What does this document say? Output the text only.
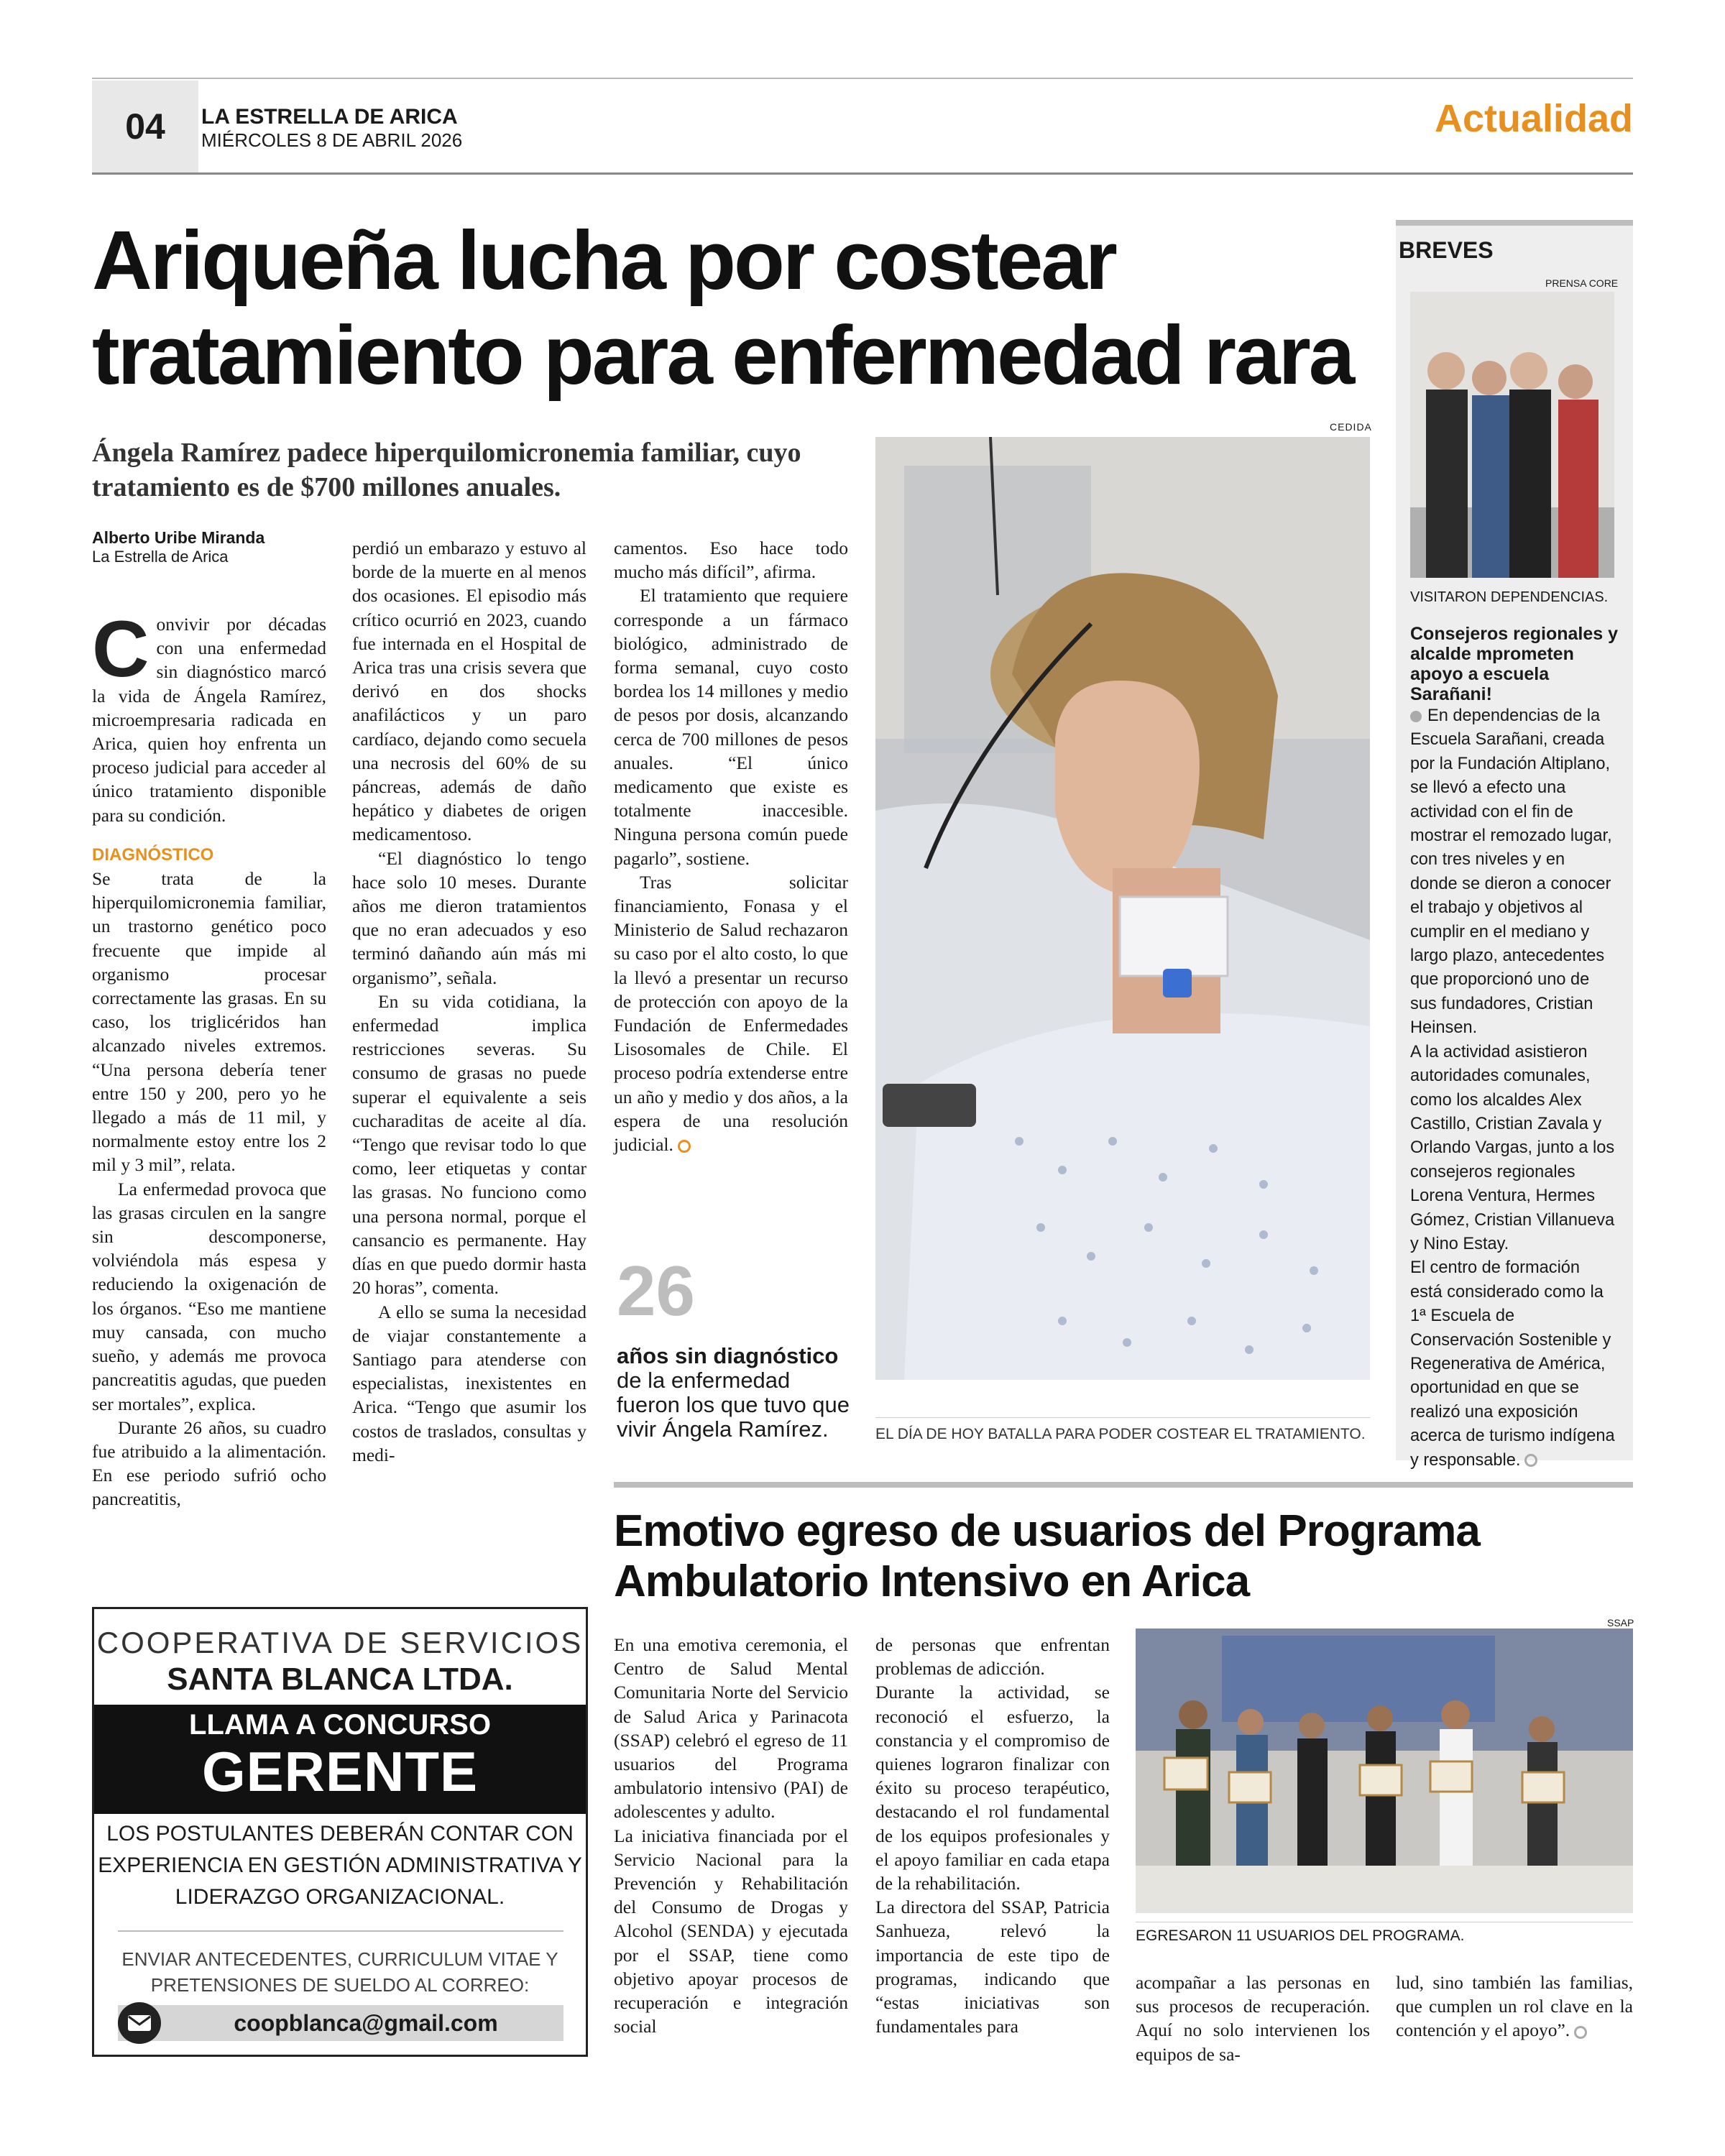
04	LA ESTRELLA DE ARICA
MIÉRCOLES 8 DE ABRIL 2026	Actualidad
Ariqueña lucha por costear
tratamiento para enfermedad rara
Ángela Ramírez padece hiperquilomicronemia familiar, cuyo tratamiento es de $700 millones anuales.
Alberto Uribe Miranda
La Estrella de Arica

Convivir por décadas con una enfermedad sin diagnóstico marcó la vida de Ángela Ramírez, microempresaria radicada en Arica, quien hoy enfrenta un proceso judicial para acceder al único tratamiento disponible para su condición.

DIAGNÓSTICO

Se trata de la hiperquilomicronemia familiar, un trastorno genético poco frecuente que impide al organismo procesar correctamente las grasas. En su caso, los triglicéridos han alcanzado niveles extremos. “Una persona debería tener entre 150 y 200, pero yo he llegado a más de 11 mil, y normalmente estoy entre los 2 mil y 3 mil”, relata.

La enfermedad provoca que las grasas circulen en la sangre sin descomponerse, volviéndola más espesa y reduciendo la oxigenación de los órganos. “Eso me mantiene muy cansada, con mucho sueño, y además me provoca pancreatitis agudas, que pueden ser mortales”, explica.

Durante 26 años, su cuadro fue atribuido a la alimentación. En ese periodo sufrió ocho pancreatitis,

perdió un embarazo y estuvo al borde de la muerte en al menos dos ocasiones. El episodio más crítico ocurrió en 2023, cuando fue internada en el Hospital de Arica tras una crisis severa que derivó en dos shocks anafilácticos y un paro cardíaco, dejando como secuela una necrosis del 60% de su páncreas, además de daño hepático y diabetes de origen medicamentoso.

“El diagnóstico lo tengo hace solo 10 meses. Durante años me dieron tratamientos que no eran adecuados y eso terminó dañando aún más mi organismo”, señala.

En su vida cotidiana, la enfermedad implica restricciones severas. Su consumo de grasas no puede superar el equivalente a seis cucharaditas de aceite al día. “Tengo que revisar todo lo que como, leer etiquetas y contar las grasas. No funciono como una persona normal, porque el cansancio es permanente. Hay días en que puedo dormir hasta 20 horas”, comenta.

A ello se suma la necesidad de viajar constantemente a Santiago para atenderse con especialistas, inexistentes en Arica. “Tengo que asumir los costos de traslados, consultas y medi-

camentos. Eso hace todo mucho más difícil”, afirma.

El tratamiento que requiere corresponde a un fármaco biológico, administrado de forma semanal, cuyo costo bordea los 14 millones y medio de pesos por dosis, alcanzando cerca de 700 millones de pesos anuales. “El único medicamento que existe es totalmente inaccesible. Ninguna persona común puede pagarlo”, sostiene.

Tras solicitar financiamiento, Fonasa y el Ministerio de Salud rechazaron su caso por el alto costo, lo que la llevó a presentar un recurso de protección con apoyo de la Fundación de Enfermedades Lisosomales de Chile. El proceso podría extenderse entre un año y medio y dos años, a la espera de una resolución judicial.

26
años sin diagnóstico de la enfermedad fueron los que tuvo que vivir Ángela Ramírez.
CEDIDA
EL DÍA DE HOY BATALLA PARA PODER COSTEAR EL TRATAMIENTO.
BREVES
PRENSA CORE
VISITARON DEPENDENCIAS.
Consejeros regionales y alcalde mprometen apoyo a escuela Sarañani!
En dependencias de la Escuela Sarañani, creada por la Fundación Altiplano, se llevó a efecto una actividad con el fin de mostrar el remozado lugar, con tres niveles y en donde se dieron a conocer el trabajo y objetivos al cumplir en el mediano y largo plazo, antecedentes que proporcionó uno de sus fundadores, Cristian Heinsen.
A la actividad asistieron autoridades comunales, como los alcaldes Alex Castillo, Cristian Zavala y Orlando Vargas, junto a los consejeros regionales Lorena Ventura, Hermes Gómez, Cristian Villanueva y Nino Estay.
El centro de formación está considerado como la 1ª Escuela de Conservación Sostenible y Regenerativa de América, oportunidad en que se realizó una exposición acerca de turismo indígena y responsable.
Emotivo egreso de usuarios del Programa
Ambulatorio Intensivo en Arica
En una emotiva ceremonia, el Centro de Salud Mental Comunitaria Norte del Servicio de Salud Arica y Parinacota (SSAP) celebró el egreso de 11 usuarios del Programa ambulatorio intensivo (PAI) de adolescentes y adulto.
La iniciativa financiada por el Servicio Nacional para la Prevención y Rehabilitación del Consumo de Drogas y Alcohol (SENDA) y ejecutada por el SSAP, tiene como objetivo apoyar procesos de recuperación e integración social
de personas que enfrentan problemas de adicción.
Durante la actividad, se reconoció el esfuerzo, la constancia y el compromiso de quienes lograron finalizar con éxito su proceso terapéutico, destacando el rol fundamental de los equipos profesionales y el apoyo familiar en cada etapa de la rehabilitación.
La directora del SSAP, Patricia Sanhueza, relevó la importancia de este tipo de programas, indicando que “estas iniciativas son fundamentales para
SSAP
EGRESARON 11 USUARIOS DEL PROGRAMA.
acompañar a las personas en sus procesos de recuperación. Aquí no solo intervienen los equipos de sa-
lud, sino también las familias, que cumplen un rol clave en la contención y el apoyo”.
COOPERATIVA DE SERVICIOS
SANTA BLANCA LTDA.
LLAMA A CONCURSO
GERENTE
LOS POSTULANTES DEBERÁN CONTAR CON EXPERIENCIA EN GESTIÓN ADMINISTRATIVA Y LIDERAZGO ORGANIZACIONAL.
ENVIAR ANTECEDENTES, CURRICULUM VITAE Y PRETENSIONES DE SUELDO AL CORREO:
coopblanca@gmail.com
